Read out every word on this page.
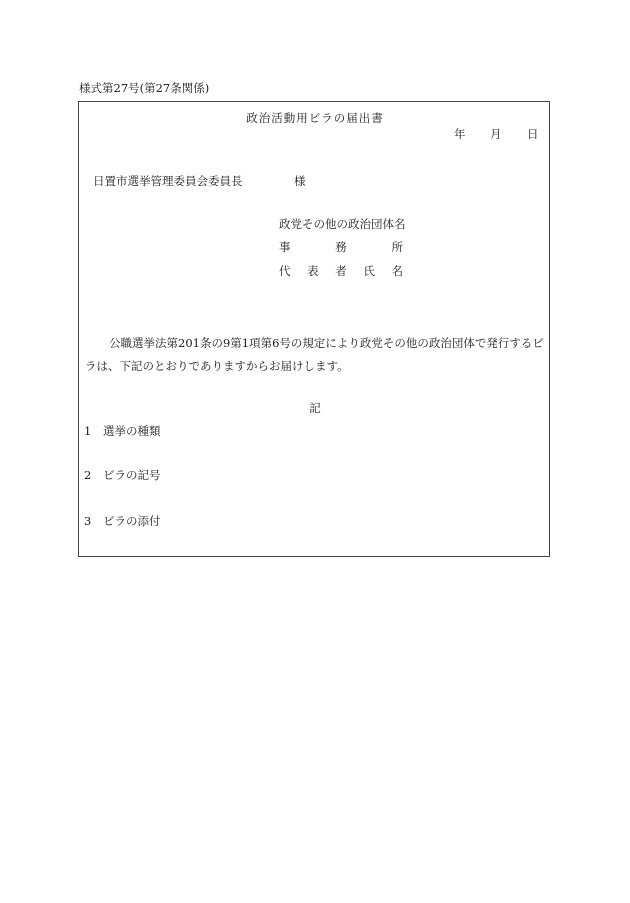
様式第27号(第27条関係)
政治活動用ビラの届出書
年 月 日
日置市選挙管理委員会委員長	様
政党その他の政治団体名
事	務	所
代 表 者 氏 名
公職選挙法第201条の9第1項第6号の規定により政党その他の政治団体で発行するビ
ラは、下記のとおりでありますからお届けします。
記
1 選挙の種類
2 ビラの記号
3 ビラの添付
